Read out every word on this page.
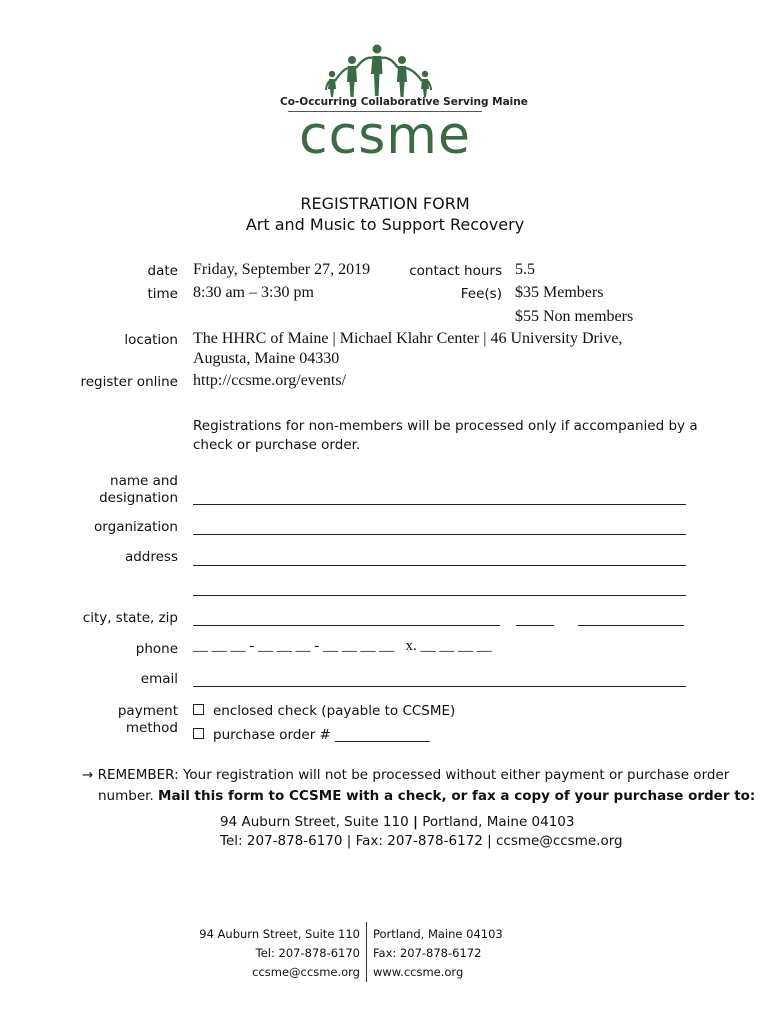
Co-Occurring Collaborative Serving Maine
ccsme
REGISTRATION FORM
Art and Music to Support Recovery
date Friday, September 27, 2019	contact hours 5.5
time 8:30 am – 3:30 pm	Fee(s) $35 Members
$55 Non members
location The HHRC of Maine | Michael Klahr Center | 46 University Drive,
Augusta, Maine 04330
register online http://ccsme.org/events/
Registrations for non-members will be processed only if accompanied by a
check or purchase order.
name and
designation
organization
address
city, state, zip
phone __ __ __ - __ __ __ - __ __ __ __   x. __ __ __ __
email
payment
method
enclosed check (payable to CCSME)
purchase order # ______________
→ REMEMBER: Your registration will not be processed without either payment or purchase order
number. Mail this form to CCSME with a check, or fax a copy of your purchase order to:
94 Auburn Street, Suite 110 | Portland, Maine 04103
Tel: 207-878-6170 | Fax: 207-878-6172 | ccsme@ccsme.org
94 Auburn Street, Suite 110
Tel: 207-878-6170
ccsme@ccsme.org
Portland, Maine 04103
Fax: 207-878-6172
www.ccsme.org
